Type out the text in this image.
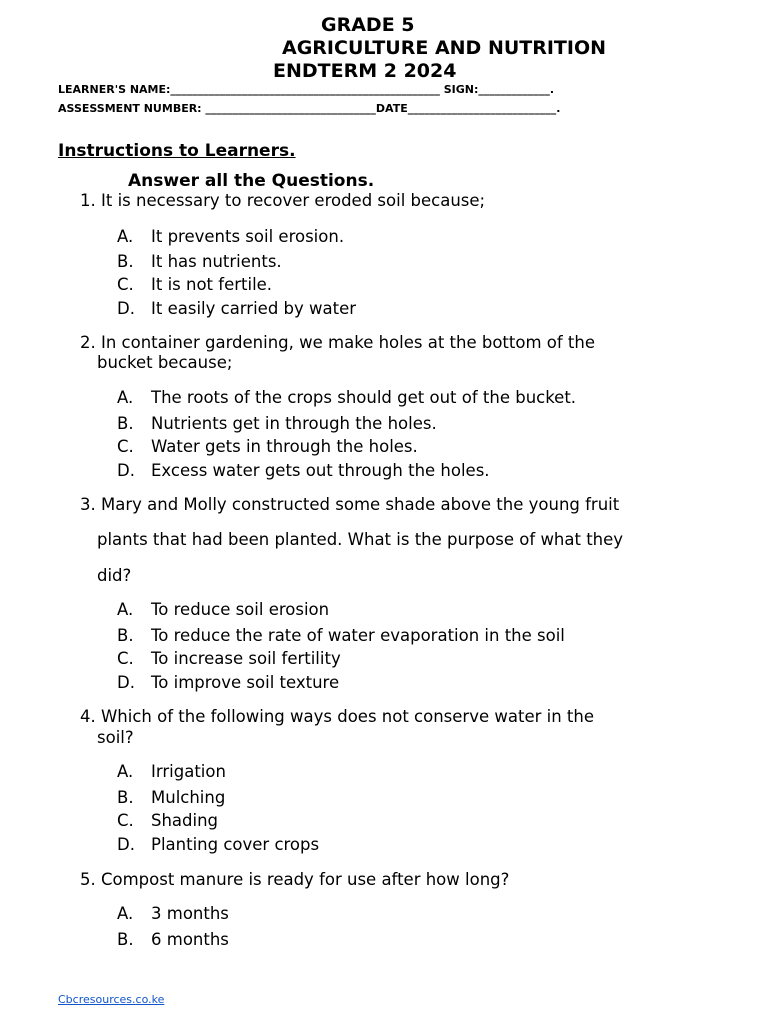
GRADE 5
AGRICULTURE AND NUTRITION
ENDTERM 2 2024
LEARNER'S NAME:_________________________________________________ SIGN:_____________.
ASSESSMENT NUMBER: _______________________________DATE___________________________.
Instructions to Learners.
Answer all the Questions.
1. It is necessary to recover eroded soil because;
A. It prevents soil erosion.
B. It has nutrients.
C. It is not fertile.
D. It easily carried by water
2. In container gardening, we make holes at the bottom of the
bucket because;
A. The roots of the crops should get out of the bucket.
B. Nutrients get in through the holes.
C. Water gets in through the holes.
D. Excess water gets out through the holes.
3. Mary and Molly constructed some shade above the young fruit
plants that had been planted. What is the purpose of what they
did?
A. To reduce soil erosion
B. To reduce the rate of water evaporation in the soil
C. To increase soil fertility
D. To improve soil texture
4. Which of the following ways does not conserve water in the
soil?
A. Irrigation
B. Mulching
C. Shading
D. Planting cover crops
5. Compost manure is ready for use after how long?
A. 3 months
B. 6 months
Cbcresources.co.ke
